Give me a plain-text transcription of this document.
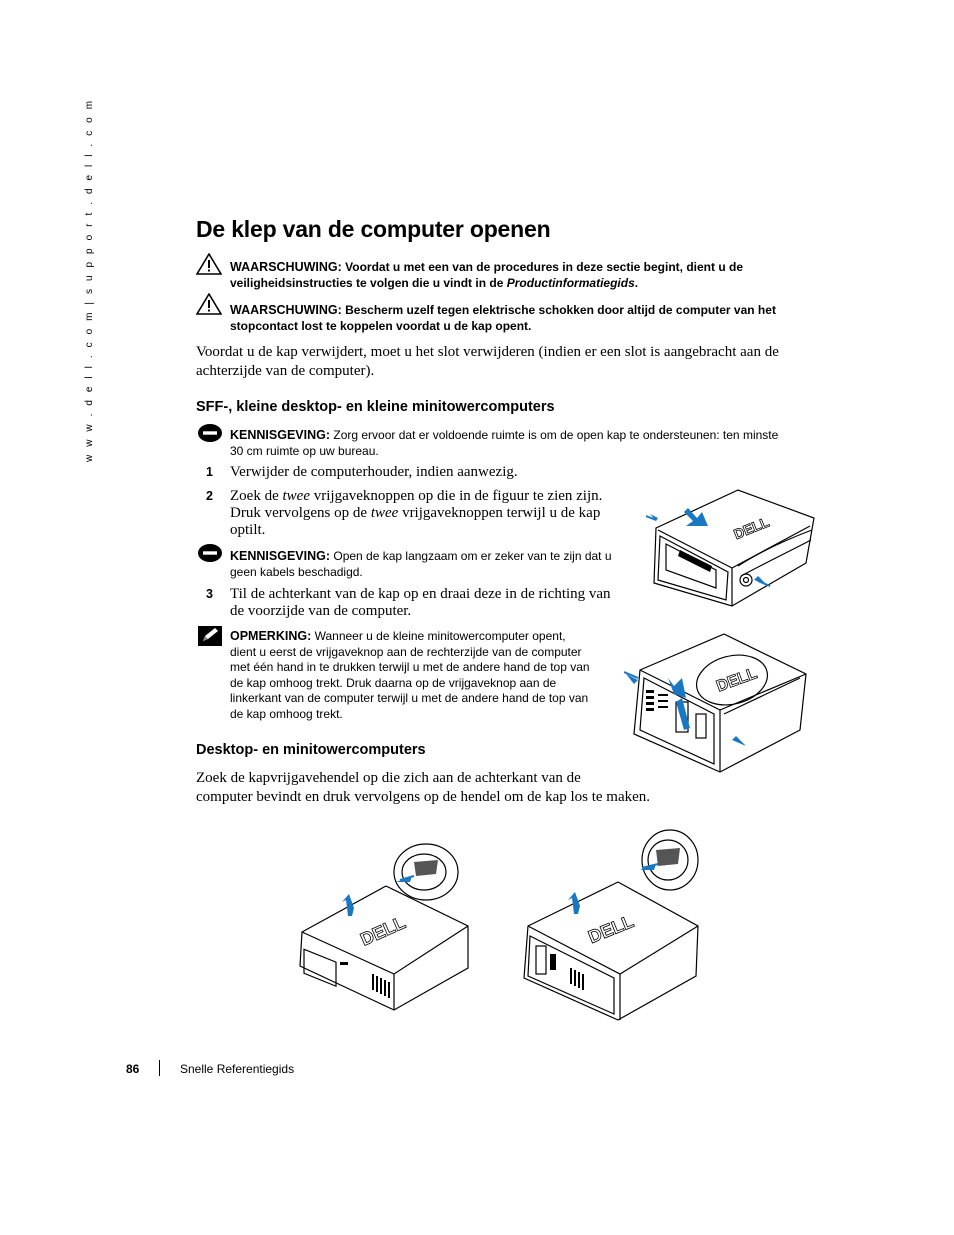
w w w . d e l l . c o m | s u p p o r t . d e l l . c o m	De klep van de computer openen
WAARSCHUWING: Voordat u met een van de procedures in deze sectie begint, dient u de
veiligheidsinstructies te volgen die u vindt in de Productinformatiegids.
WAARSCHUWING: Bescherm uzelf tegen elektrische schokken door altijd de computer van het
stopcontact lost te koppelen voordat u de kap opent.
Voordat u de kap verwijdert, moet u het slot verwijderen (indien er een slot is aangebracht aan de
achterzijde van de computer).
SFF-, kleine desktop- en kleine minitowercomputers
KENNISGEVING: Zorg ervoor dat er voldoende ruimte is om de open kap te ondersteunen: ten minste
30 cm ruimte op uw bureau.
1 Verwijder de computerhouder, indien aanwezig.
2 Zoek de twee vrijgaveknoppen op die in de figuur te zien zijn.
Druk vervolgens op de twee vrijgaveknoppen terwijl u de kap
optilt.
KENNISGEVING: Open de kap langzaam om er zeker van te zijn dat u
geen kabels beschadigd.
3 Til de achterkant van de kap op en draai deze in de richting van
de voorzijde van de computer.
OPMERKING: Wanneer u de kleine minitowercomputer opent,
dient u eerst de vrijgaveknop aan de rechterzijde van de computer
met één hand in te drukken terwijl u met de andere hand de top van
de kap omhoog trekt. Druk daarna op de vrijgaveknop aan de
linkerkant van de computer terwijl u met de andere hand de top van
de kap omhoog trekt.
Desktop- en minitowercomputers
Zoek de kapvrijgavehendel op die zich aan de achterkant van de
computer bevindt en druk vervolgens op de hendel om de kap los te maken.
DELL
DELL
DELL	DELL
86	Snelle Referentiegids
